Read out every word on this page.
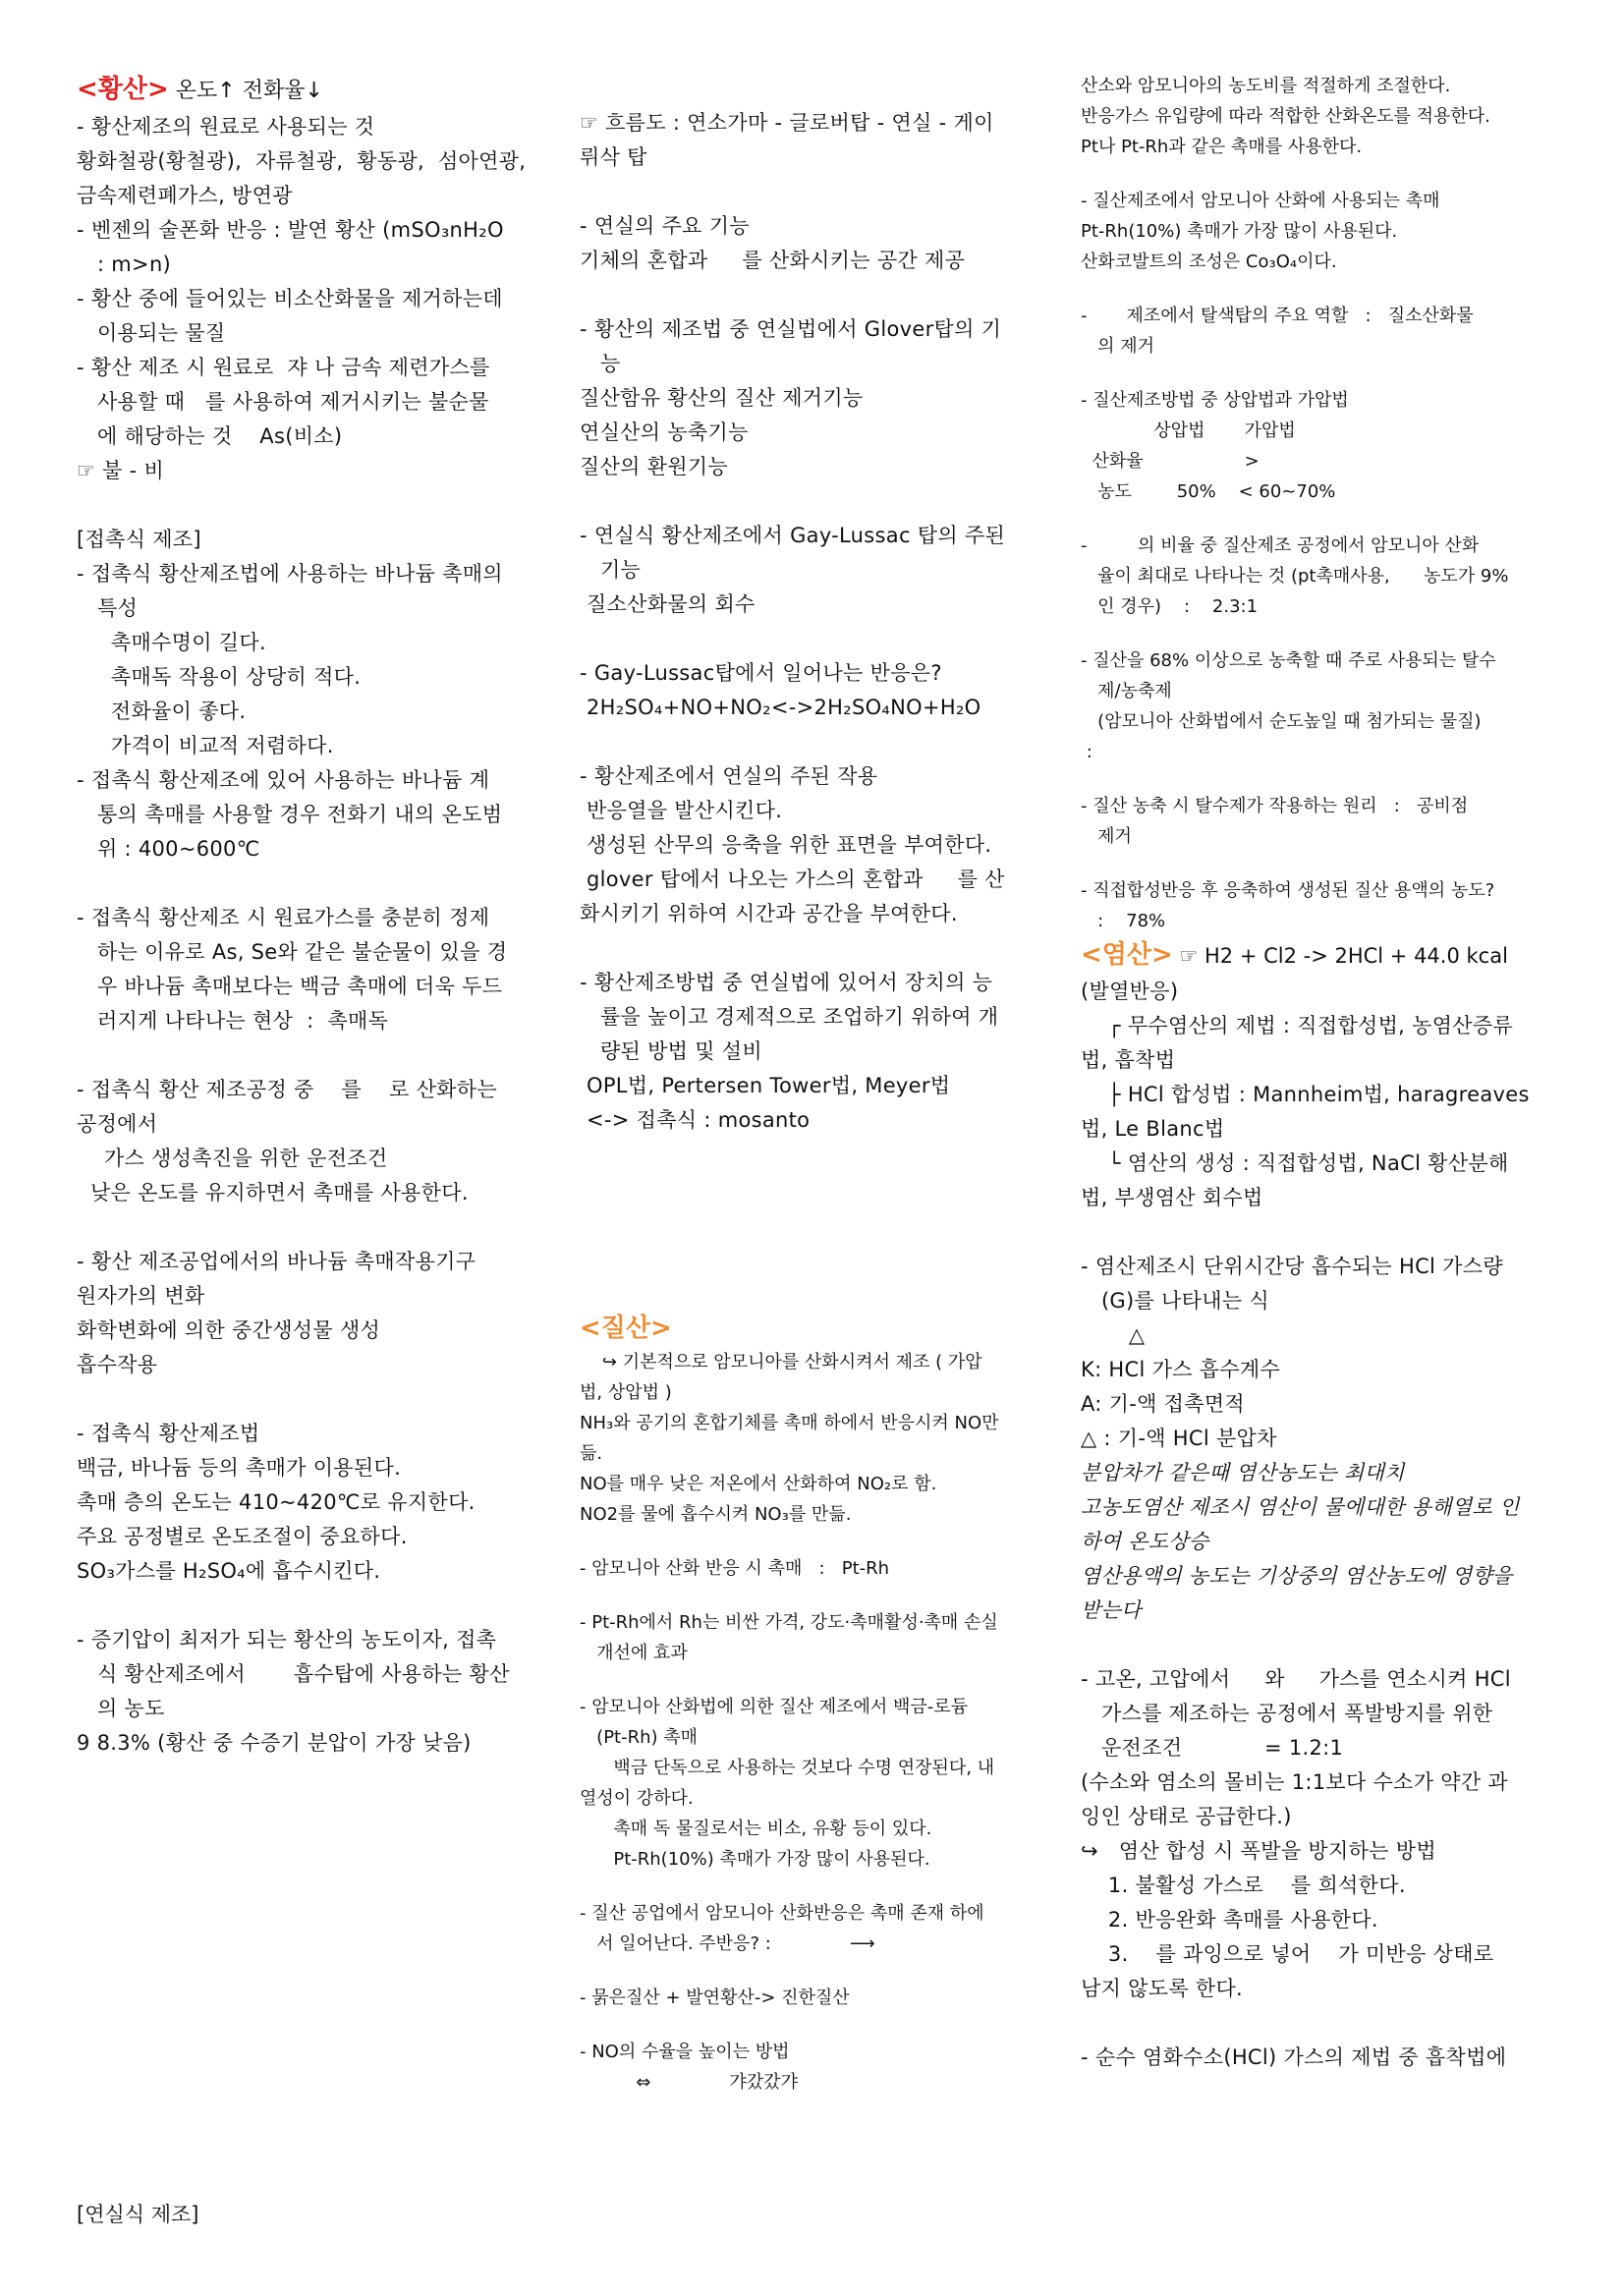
<황산> 온도↑ 전화율↓
- 황산제조의 원료로 사용되는 것
황화철광(황철광),  자류철광,  황동광,  섬아연광,
금속제련폐가스, 방연광
- 벤젠의 술폰화 반응 : 발연 황산 (mSO₃nH₂O
: m>n)
- 황산 중에 들어있는 비소산화물을 제거하는데
이용되는 물질
- 황산 제조 시 원료로  쟈 나 금속 제련가스를
사용할 때   를 사용하여 제거시키는 불순물
에 해당하는 것    As(비소)
☞ 불 - 비
[접촉식 제조]
- 접촉식 황산제조법에 사용하는 바나듐 촉매의
특성
촉매수명이 길다.
촉매독 작용이 상당히 적다.
전화율이 좋다.
가격이 비교적 저렴하다.
- 접촉식 황산제조에 있어 사용하는 바나듐 계
통의 촉매를 사용할 경우 전화기 내의 온도범
위 : 400~600℃
- 접촉식 황산제조 시 원료가스를 충분히 정제
하는 이유로 As, Se와 같은 불순물이 있을 경
우 바나듐 촉매보다는 백금 촉매에 더욱 두드
러지게 나타나는 현상  :  촉매독
- 접촉식 황산 제조공정 중    를    로 산화하는
공정에서
가스 생성촉진을 위한 운전조건
낮은 온도를 유지하면서 촉매를 사용한다.
- 황산 제조공업에서의 바나듐 촉매작용기구
원자가의 변화
화학변화에 의한 중간생성물 생성
흡수작용
- 접촉식 황산제조법
백금, 바나듐 등의 촉매가 이용된다.
촉매 층의 온도는 410~420℃로 유지한다.
주요 공정별로 온도조절이 중요하다.
SO₃가스를 H₂SO₄에 흡수시킨다.
- 증기압이 최저가 되는 황산의 농도이자, 접촉
식 황산제조에서       흡수탑에 사용하는 황산
의 농도
9 8.3% (황산 중 수증기 분압이 가장 낮음)
☞ 흐름도 : 연소가마 - 글로버탑 - 연실 - 게이
뤼삭 탑
- 연실의 주요 기능
기체의 혼합과     를 산화시키는 공간 제공
- 황산의 제조법 중 연실법에서 Glover탑의 기
능
질산함유 황산의 질산 제거기능
연실산의 농축기능
질산의 환원기능
- 연실식 황산제조에서 Gay-Lussac 탑의 주된
기능
질소산화물의 회수
- Gay-Lussac탑에서 일어나는 반응은?
2H₂SO₄+NO+NO₂<->2H₂SO₄NO+H₂O
- 황산제조에서 연실의 주된 작용
반응열을 발산시킨다.
생성된 산무의 응축을 위한 표면을 부여한다.
glover 탑에서 나오는 가스의 혼합과     를 산
화시키기 위하여 시간과 공간을 부여한다.
- 황산제조방법 중 연실법에 있어서 장치의 능
률을 높이고 경제적으로 조업하기 위하여 개
량된 방법 및 설비
OPL법, Pertersen Tower법, Meyer법
<-> 접촉식 : mosanto
<질산>
↪ 기본적으로 암모니아를 산화시켜서 제조 ( 가압
법, 상압법 )
NH₃와 공기의 혼합기체를 촉매 하에서 반응시켜 NO만
듦.
NO를 매우 낮은 저온에서 산화하여 NO₂로 함.
NO2를 물에 흡수시켜 NO₃를 만듦.
- 암모니아 산화 반응 시 촉매   :   Pt-Rh
- Pt-Rh에서 Rh는 비싼 가격, 강도·촉매활성·촉매 손실
개선에 효과
- 암모니아 산화법에 의한 질산 제조에서 백금-로듐
(Pt-Rh) 촉매
백금 단독으로 사용하는 것보다 수명 연장된다, 내
열성이 강하다.
촉매 독 물질로서는 비소, 유황 등이 있다.
Pt-Rh(10%) 촉매가 가장 많이 사용된다.
- 질산 공업에서 암모니아 산화반응은 촉매 존재 하에
서 일어난다. 주반응? :              ⟶
- 묽은질산 + 발연황산-> 진한질산
- NO의 수율을 높이는 방법
⇔              갸갔갔갸
산소와 암모니아의 농도비를 적절하게 조절한다.
반응가스 유입량에 따라 적합한 산화온도를 적용한다.
Pt나 Pt-Rh과 같은 촉매를 사용한다.
- 질산제조에서 암모니아 산화에 사용되는 촉매
Pt-Rh(10%) 촉매가 가장 많이 사용된다.
산화코발트의 조성은 Co₃O₄이다.
-       제조에서 탈색탑의 주요 역할   :   질소산화물
의 제거
- 질산제조방법 중 상압법과 가압법
상압법       가압법
산화율                  >
농도        50%    < 60~70%
-         의 비율 중 질산제조 공정에서 암모니아 산화
율이 최대로 나타나는 것 (pt촉매사용,      농도가 9%
인 경우)    :    2.3:1
- 질산을 68% 이상으로 농축할 때 주로 사용되는 탈수
제/농축제
(암모니아 산화법에서 순도높일 때 첨가되는 물질)
:
- 질산 농축 시 탈수제가 작용하는 원리   :   공비점
제거
- 직접합성반응 후 응축하여 생성된 질산 용액의 농도?
:    78%
<염산> ☞ H2 + Cl2 -> 2HCl + 44.0 kcal
(발열반응)
┌ 무수염산의 제법 : 직접합성법, 농염산증류
법, 흡착법
├ HCl 합성법 : Mannheim법, haragreaves
법, Le Blanc법
└ 염산의 생성 : 직접합성법, NaCl 황산분해
법, 부생염산 회수법
- 염산제조시 단위시간당 흡수되는 HCl 가스량
(G)를 나타내는 식
△
K: HCl 가스 흡수계수
A: 기-액 접촉면적
△ : 기-액 HCl 분압차
분압차가 같은때 염산농도는 최대치
고농도염산 제조시 염산이 물에대한 용해열로 인
하여 온도상승
염산용액의 농도는 기상중의 염산농도에 영향을
받는다
- 고온, 고압에서     와     가스를 연소시켜 HCl
가스를 제조하는 공정에서 폭발방지를 위한
운전조건            = 1.2:1
(수소와 염소의 몰비는 1:1보다 수소가 약간 과
잉인 상태로 공급한다.)
↪   염산 합성 시 폭발을 방지하는 방법
1. 불활성 가스로    를 희석한다.
2. 반응완화 촉매를 사용한다.
3.    를 과잉으로 넣어    가 미반응 상태로
남지 않도록 한다.
- 순수 염화수소(HCl) 가스의 제법 중 흡착법에
[연실식 제조]
